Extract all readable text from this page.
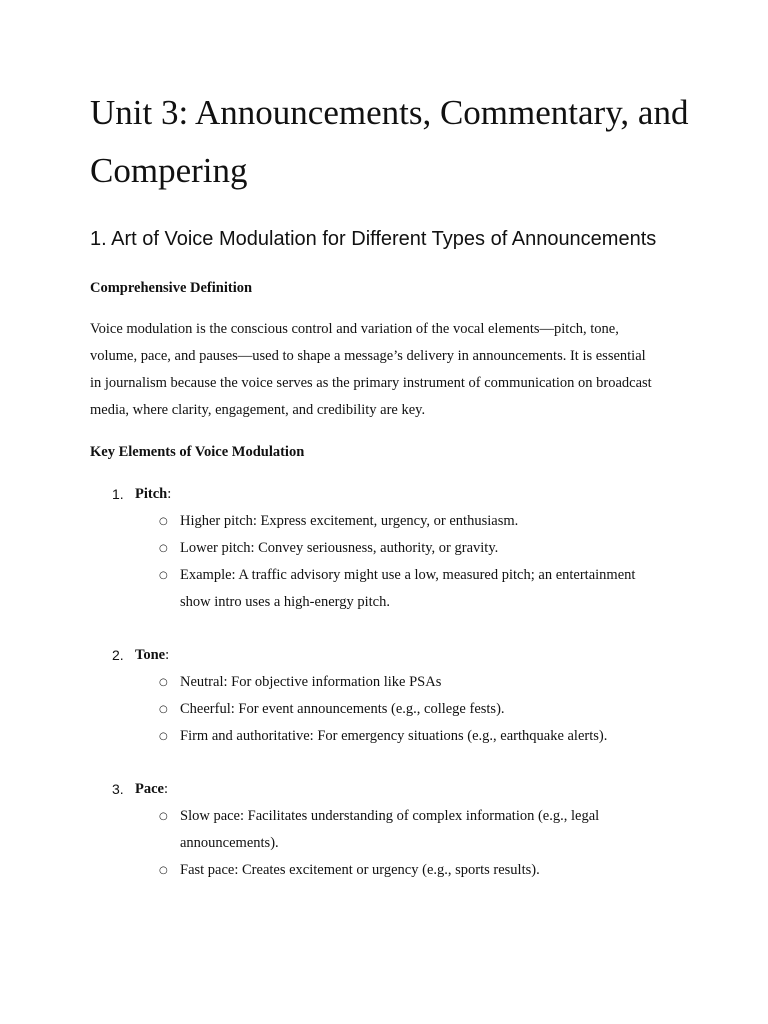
Unit 3: Announcements, Commentary, and
Compering
1. Art of Voice Modulation for Different Types of Announcements
Comprehensive Definition

Voice modulation is the conscious control and variation of the vocal elements—pitch, tone,
volume, pace, and pauses—used to shape a message’s delivery in announcements. It is essential
in journalism because the voice serves as the primary instrument of communication on broadcast
media, where clarity, engagement, and credibility are key.

Key Elements of Voice Modulation
1. Pitch:
○ Higher pitch: Express excitement, urgency, or enthusiasm.
○ Lower pitch: Convey seriousness, authority, or gravity.
○ Example: A traffic advisory might use a low, measured pitch; an entertainment
show intro uses a high-energy pitch.
2. Tone:
○ Neutral: For objective information like PSAs
○ Cheerful: For event announcements (e.g., college fests).
○ Firm and authoritative: For emergency situations (e.g., earthquake alerts).
3. Pace:
○ Slow pace: Facilitates understanding of complex information (e.g., legal
announcements).
○ Fast pace: Creates excitement or urgency (e.g., sports results).
